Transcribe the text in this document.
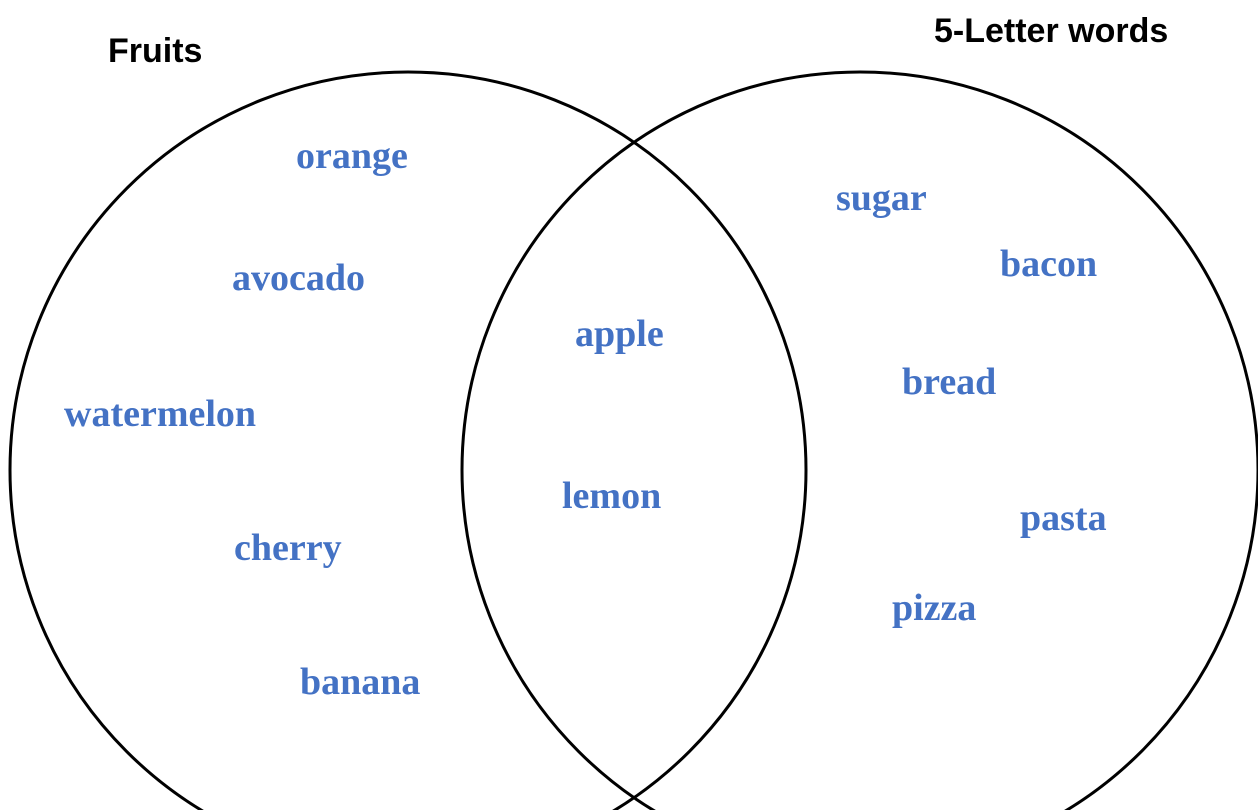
Fruits
5-Letter words
orange
avocado
watermelon
cherry
banana
apple
lemon
sugar
bacon
bread
pasta
pizza
